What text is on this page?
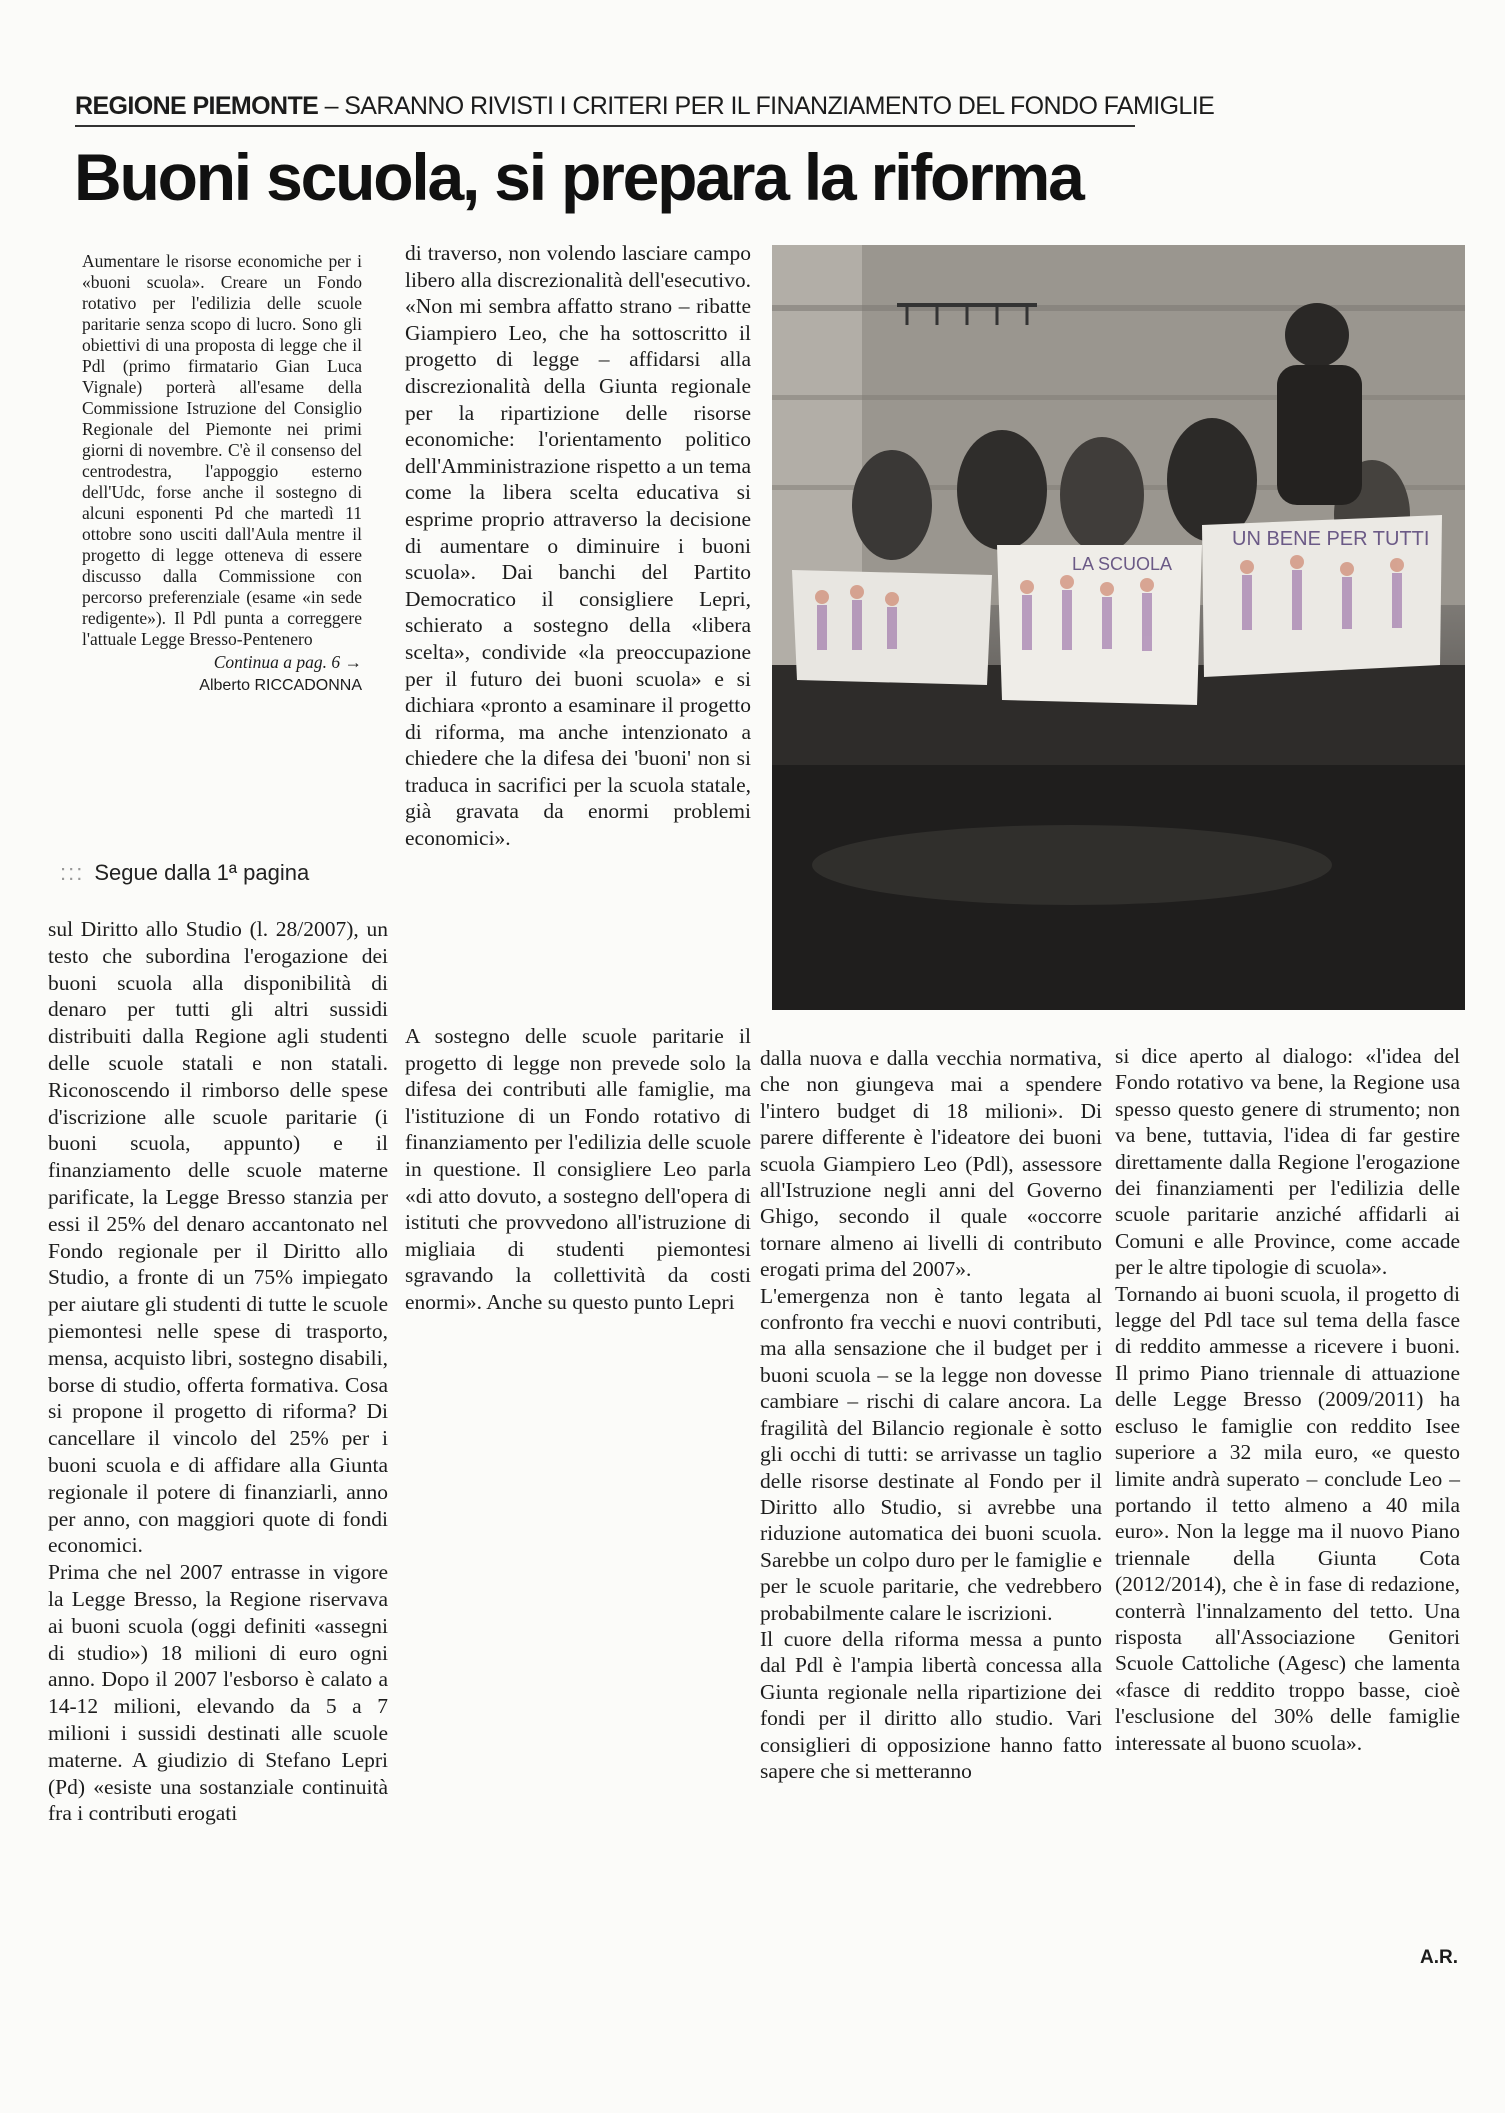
REGIONE PIEMONTE – SARANNO RIVISTI I CRITERI PER IL FINANZIAMENTO DEL FONDO FAMIGLIE
Buoni scuola, si prepara la riforma

Aumentare le risorse economiche per i «buoni scuola». Creare un Fondo rotativo per l'edilizia delle scuole paritarie senza scopo di lucro. Sono gli obiettivi di una proposta di legge che il Pdl (primo firmatario Gian Luca Vignale) porterà all'esame della Commissione Istruzione del Consiglio Regionale del Piemonte nei primi giorni di novembre. C'è il consenso del centrodestra, l'appoggio esterno dell'Udc, forse anche il sostegno di alcuni esponenti Pd che martedì 11 ottobre sono usciti dall'Aula mentre il progetto di legge otteneva di essere discusso dalla Commissione con percorso preferenziale (esame «in sede redigente»). Il Pdl punta a correggere l'attuale Legge Bresso-Pentenero

Continua a pag. 6 →
Alberto RICCADONNA
::: Segue dalla 1ª pagina

sul Diritto allo Studio (l. 28/2007), un testo che subordina l'erogazione dei buoni scuola alla disponibilità di denaro per tutti gli altri sussidi distribuiti dalla Regione agli studenti delle scuole statali e non statali. Riconoscendo il rimborso delle spese d'iscrizione alle scuole paritarie (i buoni scuola, appunto) e il finanziamento delle scuole materne parificate, la Legge Bresso stanzia per essi il 25% del denaro accantonato nel Fondo regionale per il Diritto allo Studio, a fronte di un 75% impiegato per aiutare gli studenti di tutte le scuole piemontesi nelle spese di trasporto, mensa, acquisto libri, sostegno disabili, borse di studio, offerta formativa. Cosa si propone il progetto di riforma? Di cancellare il vincolo del 25% per i buoni scuola e di affidare alla Giunta regionale il potere di finanziarli, anno per anno, con maggiori quote di fondi economici.

Prima che nel 2007 entrasse in vigore la Legge Bresso, la Regione riservava ai buoni scuola (oggi definiti «assegni di studio») 18 milioni di euro ogni anno. Dopo il 2007 l'esborso è calato a 14-12 milioni, elevando da 5 a 7 milioni i sussidi destinati alle scuole materne. A giudizio di Stefano Lepri (Pd) «esiste una sostanziale continuità fra i contributi erogati

di traverso, non volendo lasciare campo libero alla discrezionalità dell'esecutivo. «Non mi sembra affatto strano – ribatte Giampiero Leo, che ha sottoscritto il progetto di legge – affidarsi alla discrezionalità della Giunta regionale per la ripartizione delle risorse economiche: l'orientamento politico dell'Amministrazione rispetto a un tema come la libera scelta educativa si esprime proprio attraverso la decisione di aumentare o diminuire i buoni scuola». Dai banchi del Partito Democratico il consigliere Lepri, schierato a sostegno della «libera scelta», condivide «la preoccupazione per il futuro dei buoni scuola» e si dichiara «pronto a esaminare il progetto di riforma, ma anche intenzionato a chiedere che la difesa dei 'buoni' non si traduca in sacrifici per la scuola statale, già gravata da enormi problemi economici».

A sostegno delle scuole paritarie il progetto di legge non prevede solo la difesa dei contributi alle famiglie, ma l'istituzione di un Fondo rotativo di finanziamento per l'edilizia delle scuole in questione. Il consigliere Leo parla «di atto dovuto, a sostegno dell'opera di istituti che provvedono all'istruzione di migliaia di studenti piemontesi sgravando la collettività da costi enormi». Anche su questo punto Lepri

dalla nuova e dalla vecchia normativa, che non giungeva mai a spendere l'intero budget di 18 milioni». Di parere differente è l'ideatore dei buoni scuola Giampiero Leo (Pdl), assessore all'Istruzione negli anni del Governo Ghigo, secondo il quale «occorre tornare almeno ai livelli di contributo erogati prima del 2007».

L'emergenza non è tanto legata al confronto fra vecchi e nuovi contributi, ma alla sensazione che il budget per i buoni scuola – se la legge non dovesse cambiare – rischi di calare ancora. La fragilità del Bilancio regionale è sotto gli occhi di tutti: se arrivasse un taglio delle risorse destinate al Fondo per il Diritto allo Studio, si avrebbe una riduzione automatica dei buoni scuola. Sarebbe un colpo duro per le famiglie e per le scuole paritarie, che vedrebbero probabilmente calare le iscrizioni.

Il cuore della riforma messa a punto dal Pdl è l'ampia libertà concessa alla Giunta regionale nella ripartizione dei fondi per il diritto allo studio. Vari consiglieri di opposizione hanno fatto sapere che si metteranno

si dice aperto al dialogo: «l'idea del Fondo rotativo va bene, la Regione usa spesso questo genere di strumento; non va bene, tuttavia, l'idea di far gestire direttamente dalla Regione l'erogazione dei finanziamenti per l'edilizia delle scuole paritarie anziché affidarli ai Comuni e alle Province, come accade per le altre tipologie di scuola».

Tornando ai buoni scuola, il progetto di legge del Pdl tace sul tema della fasce di reddito ammesse a ricevere i buoni. Il primo Piano triennale di attuazione delle Legge Bresso (2009/2011) ha escluso le famiglie con reddito Isee superiore a 32 mila euro, «e questo limite andrà superato – conclude Leo – portando il tetto almeno a 40 mila euro». Non la legge ma il nuovo Piano triennale della Giunta Cota (2012/2014), che è in fase di redazione, conterrà l'innalzamento del tetto. Una risposta all'Associazione Genitori Scuole Cattoliche (Agesc) che lamenta «fasce di reddito troppo basse, cioè l'esclusione del 30% delle famiglie interessate al buono scuola».

A.R.
LA SCUOLA
UN BENE PER TUTTI
